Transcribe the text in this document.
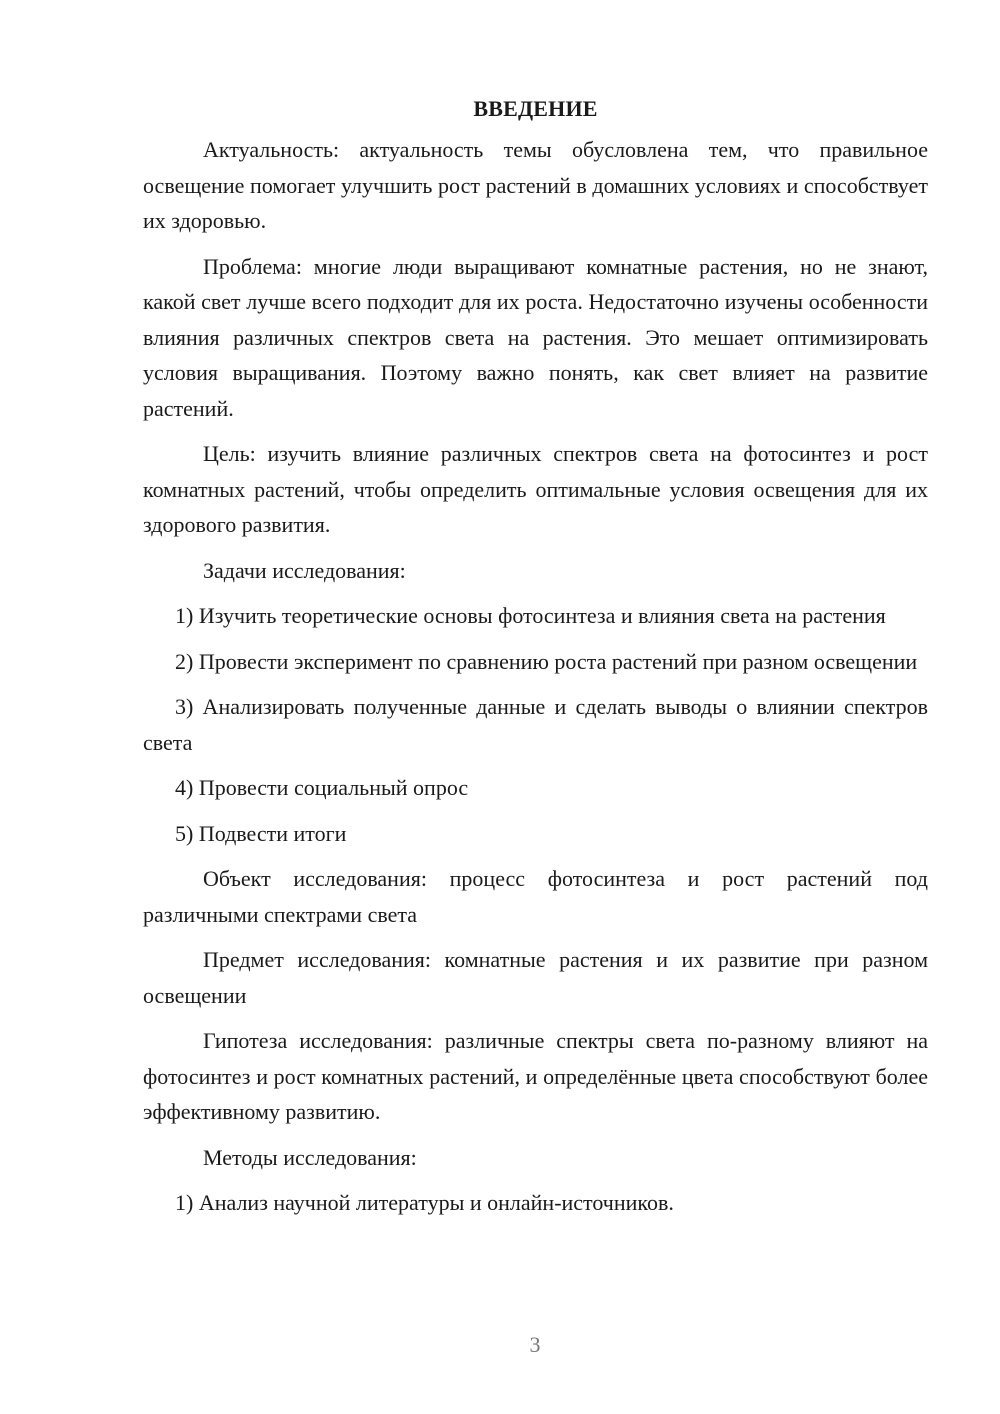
ВВЕДЕНИЕ

Актуальность: актуальность темы обусловлена тем, что правильное освещение помогает улучшить рост растений в домашних условиях и способствует их здоровью.

Проблема: многие люди выращивают комнатные растения, но не знают, какой свет лучше всего подходит для их роста. Недостаточно изучены особенности влияния различных спектров света на растения. Это мешает оптимизировать условия выращивания. Поэтому важно понять, как свет влияет на развитие растений.

Цель: изучить влияние различных спектров света на фотосинтез и рост комнатных растений, чтобы определить оптимальные условия освещения для их здорового развития.

Задачи исследования:

1) Изучить теоретические основы фотосинтеза и влияния света на растения

2) Провести эксперимент по сравнению роста растений при разном освещении

3) Анализировать полученные данные и сделать выводы о влиянии спектров света

4) Провести социальный опрос

5) Подвести итоги

Объект исследования: процесс фотосинтеза и рост растений под различными спектрами света

Предмет исследования: комнатные растения и их развитие при разном освещении

Гипотеза исследования: различные спектры света по-разному влияют на фотосинтез и рост комнатных растений, и определённые цвета способствуют более эффективному развитию.

Методы исследования:

1) Анализ научной литературы и онлайн-источников.

3
